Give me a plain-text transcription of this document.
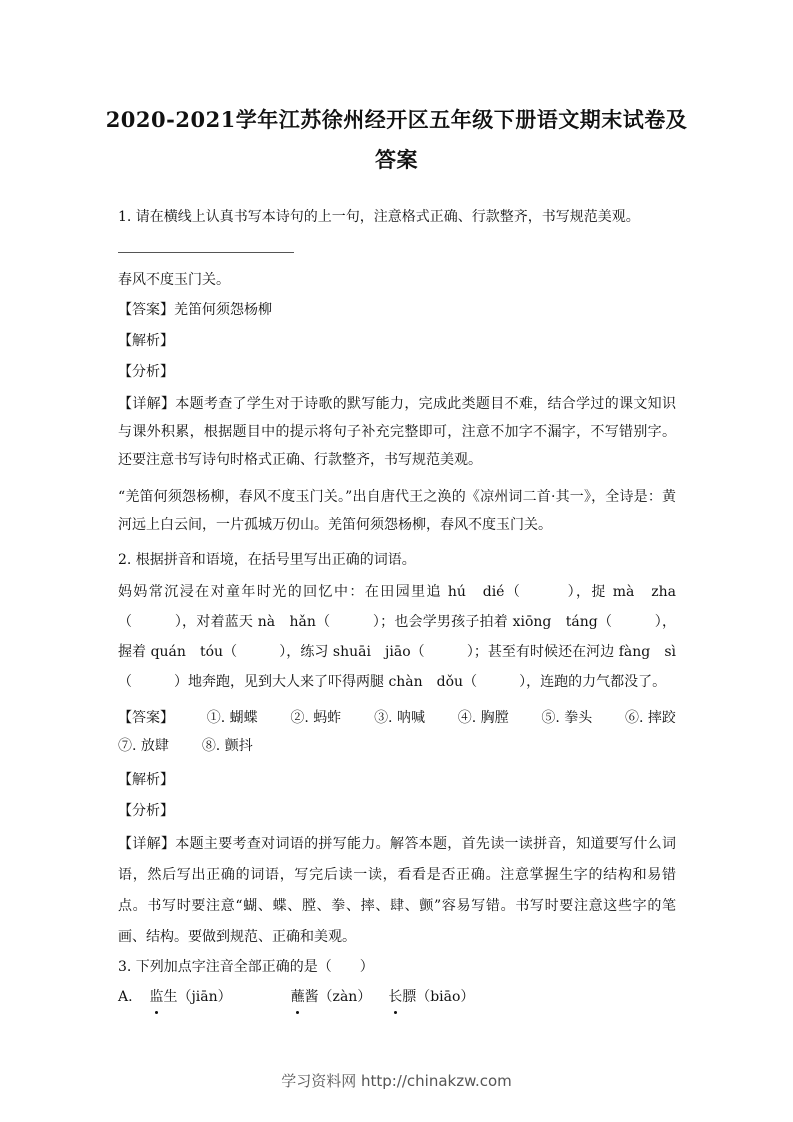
2020-2021学年江苏徐州经开区五年级下册语文期末试卷及
答案
1. 请在横线上认真书写本诗句的上一句，注意格式正确、行款整齐，书写规范美观。
春风不度玉门关。
【答案】羌笛何须怨杨柳
【解析】
【分析】
【详解】本题考查了学生对于诗歌的默写能力，完成此类题目不难，结合学过的课文知识与课外积累，根据题目中的提示将句子补充完整即可，注意不加字不漏字，不写错别字。还要注意书写诗句时格式正确、行款整齐，书写规范美观。
“羌笛何须怨杨柳，春风不度玉门关。”出自唐代王之涣的《凉州词二首·其一》，全诗是：黄河远上白云间，一片孤城万仞山。羌笛何须怨杨柳，春风不度玉门关。
2. 根据拼音和语境，在括号里写出正确的词语。
妈妈常沉浸在对童年时光的回忆中：在田园里追 hú　dié（　　　），捉 mà　zha（　　　），对着蓝天 nà　hǎn（　　　）；也会学男孩子拍着 xiōng　táng（　　　），握着 quán　tóu（　　　），练习 shuāi　jiāo（　　　）；甚至有时候还在河边 fàng　sì（　　　）地奔跑，见到大人来了吓得两腿 chàn　dǒu（　　　），连跑的力气都没了。
【答案】 ①. 蝴蝶 ②. 蚂蚱 ③. 呐喊 ④. 胸膛 ⑤. 拳头 ⑥. 摔跤
⑦. 放肆 ⑧. 颤抖
【解析】
【分析】
【详解】本题主要考查对词语的拼写能力。解答本题，首先读一读拼音，知道要写什么词语，然后写出正确的词语，写完后读一读，看看是否正确。注意掌握生字的结构和易错点。书写时要注意“蝴、蝶、膛、拳、摔、肆、颤”容易写错。书写时要注意这些字的笔画、结构。要做到规范、正确和美观。
3. 下列加点字注音全部正确的是（　　）
A. 监生（jiān）	蘸酱（zàn） 长膘（biāo）
学习资料网 http://chinakzw.com
